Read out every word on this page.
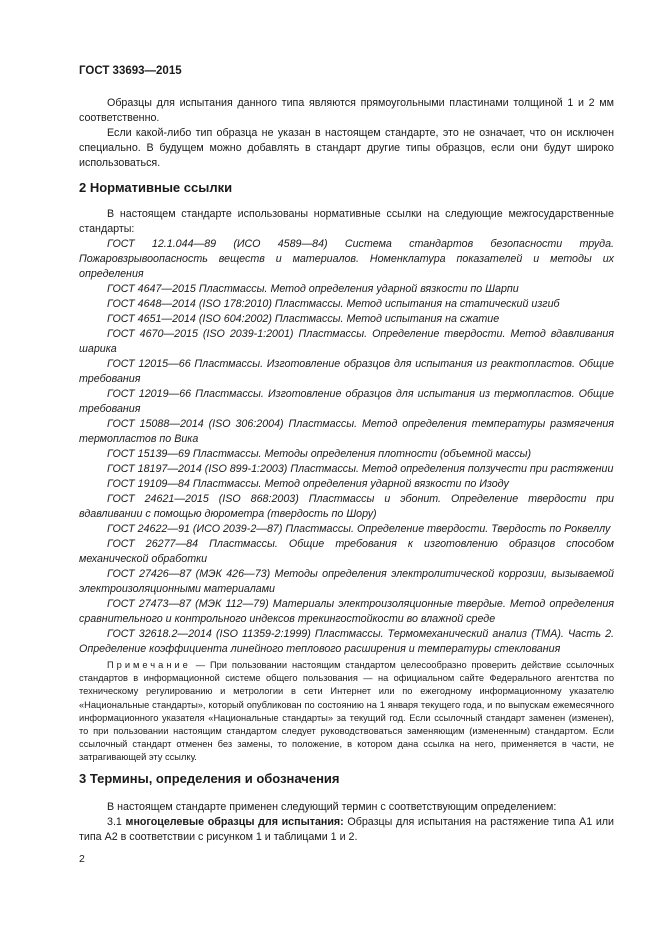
ГОСТ 33693—2015

Образцы для испытания данного типа являются прямоугольными пластинами толщиной 1 и 2 мм соответственно.

Если какой-либо тип образца не указан в настоящем стандарте, это не означает, что он исключен специально. В будущем можно добавлять в стандарт другие типы образцов, если они будут широко использоваться.

2 Нормативные ссылки

В настоящем стандарте использованы нормативные ссылки на следующие межгосударственные стандарты:

ГОСТ 12.1.044—89 (ИСО 4589—84) Система стандартов безопасности труда. Пожаровзрывоопасность веществ и материалов. Номенклатура показателей и методы их определения

ГОСТ 4647—2015 Пластмассы. Метод определения ударной вязкости по Шарпи

ГОСТ 4648—2014 (ISO 178:2010) Пластмассы. Метод испытания на статический изгиб

ГОСТ 4651—2014 (ISO 604:2002) Пластмассы. Метод испытания на сжатие

ГОСТ 4670—2015 (ISO 2039-1:2001) Пластмассы. Определение твердости. Метод вдавливания шарика

ГОСТ 12015—66 Пластмассы. Изготовление образцов для испытания из реактопластов. Общие требования

ГОСТ 12019—66 Пластмассы. Изготовление образцов для испытания из термопластов. Общие требования

ГОСТ 15088—2014 (ISO 306:2004) Пластмассы. Метод определения температуры размягчения термопластов по Вика

ГОСТ 15139—69 Пластмассы. Методы определения плотности (объемной массы)

ГОСТ 18197—2014 (ISO 899-1:2003) Пластмассы. Метод определения ползучести при растяжении

ГОСТ 19109—84 Пластмассы. Метод определения ударной вязкости по Изоду

ГОСТ 24621—2015 (ISO 868:2003) Пластмассы и эбонит. Определение твердости при вдавливании с помощью дюрометра (твердость по Шору)

ГОСТ 24622—91 (ИСО 2039-2—87) Пластмассы. Определение твердости. Твердость по Роквеллу

ГОСТ 26277—84 Пластмассы. Общие требования к изготовлению образцов способом механической обработки

ГОСТ 27426—87 (МЭК 426—73) Методы определения электролитической коррозии, вызываемой электроизоляционными материалами

ГОСТ 27473—87 (МЭК 112—79) Материалы электроизоляционные твердые. Метод определения сравнительного и контрольного индексов трекингостойкости во влажной среде

ГОСТ 32618.2—2014 (ISO 11359-2:1999) Пластмассы. Термомеханический анализ (ТМА). Часть 2. Определение коэффициента линейного теплового расширения и температуры стеклования

Примечание — При пользовании настоящим стандартом целесообразно проверить действие ссылочных стандартов в информационной системе общего пользования — на официальном сайте Федерального агентства по техническому регулированию и метрологии в сети Интернет или по ежегодному информационному указателю «Национальные стандарты», который опубликован по состоянию на 1 января текущего года, и по выпускам ежемесячного информационного указателя «Национальные стандарты» за текущий год. Если ссылочный стандарт заменен (изменен), то при пользовании настоящим стандартом следует руководствоваться заменяющим (измененным) стандартом. Если ссылочный стандарт отменен без замены, то положение, в котором дана ссылка на него, применяется в части, не затрагивающей эту ссылку.

3 Термины, определения и обозначения

В настоящем стандарте применен следующий термин с соответствующим определением:

3.1 многоцелевые образцы для испытания: Образцы для испытания на растяжение типа А1 или типа А2 в соответствии с рисунком 1 и таблицами 1 и 2.

2
